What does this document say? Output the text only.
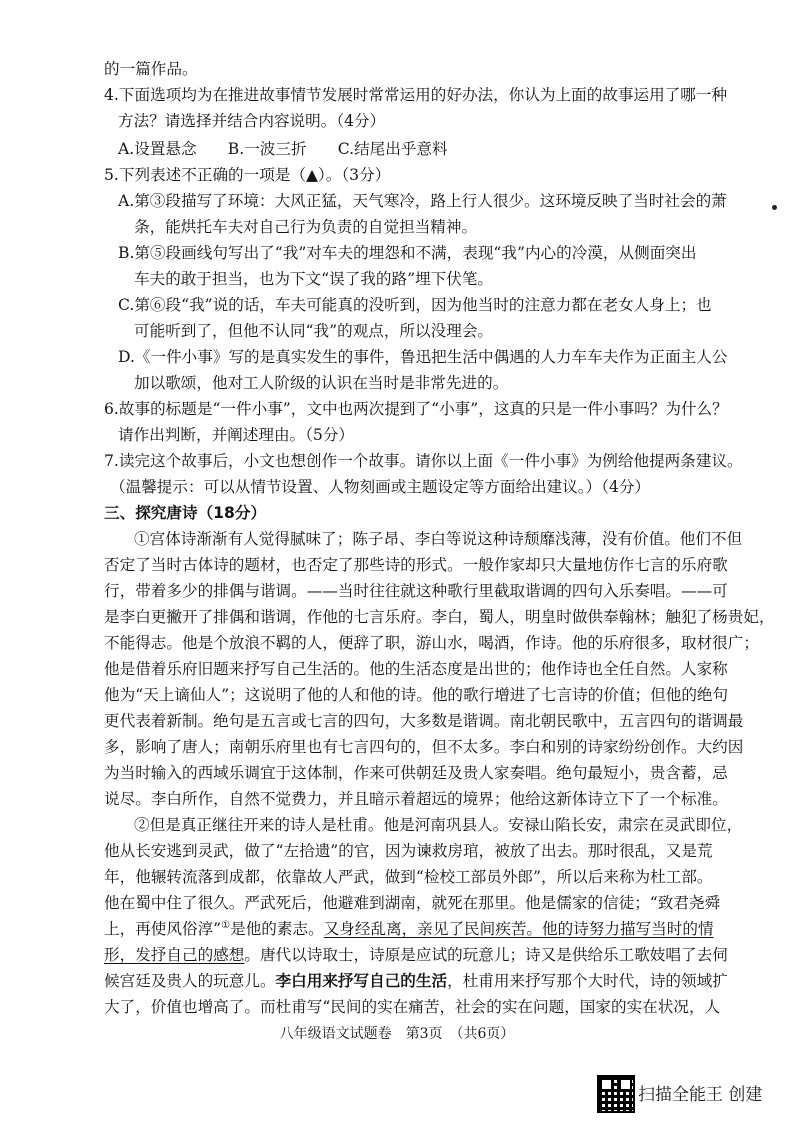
的一篇作品。
4.下面选项均为在推进故事情节发展时常常运用的好办法，你认为上面的故事运用了哪一种
方法？请选择并结合内容说明。（4分）
A.设置悬念　　B.一波三折　　C.结尾出乎意料
5.下列表述不正确的一项是（▲）。（3分）
A.第③段描写了环境：大风正猛，天气寒冷，路上行人很少。这环境反映了当时社会的萧
条，能烘托车夫对自己行为负责的自觉担当精神。
B.第⑤段画线句写出了“我”对车夫的埋怨和不满，表现“我”内心的冷漠，从侧面突出
车夫的敢于担当，也为下文“误了我的路”埋下伏笔。
C.第⑥段“我”说的话，车夫可能真的没听到，因为他当时的注意力都在老女人身上；也
可能听到了，但他不认同“我”的观点，所以没理会。
D.《一件小事》写的是真实发生的事件，鲁迅把生活中偶遇的人力车车夫作为正面主人公
加以歌颂，他对工人阶级的认识在当时是非常先进的。
6.故事的标题是“一件小事”，文中也两次提到了“小事”，这真的只是一件小事吗？为什么？
请作出判断，并阐述理由。（5分）
7.读完这个故事后，小文也想创作一个故事。请你以上面《一件小事》为例给他提两条建议。
（温馨提示：可以从情节设置、人物刻画或主题设定等方面给出建议。）（4分）
三、探究唐诗（18分）
①宫体诗渐渐有人觉得腻味了；陈子昂、李白等说这种诗颓靡浅薄，没有价值。他们不但
否定了当时古体诗的题材，也否定了那些诗的形式。一般作家却只大量地仿作七言的乐府歌
行，带着多少的排偶与谐调。——当时往往就这种歌行里截取谐调的四句入乐奏唱。——可
是李白更撇开了排偶和谐调，作他的七言乐府。李白，蜀人，明皇时做供奉翰林；触犯了杨贵妃，
不能得志。他是个放浪不羁的人，便辞了职，游山水，喝酒，作诗。他的乐府很多，取材很广；
他是借着乐府旧题来抒写自己生活的。他的生活态度是出世的；他作诗也全任自然。人家称
他为“天上谪仙人”；这说明了他的人和他的诗。他的歌行增进了七言诗的价值；但他的绝句
更代表着新制。绝句是五言或七言的四句，大多数是谐调。南北朝民歌中，五言四句的谐调最
多，影响了唐人；南朝乐府里也有七言四句的，但不太多。李白和别的诗家纷纷创作。大约因
为当时输入的西域乐调宜于这体制，作来可供朝廷及贵人家奏唱。绝句最短小，贵含蓄，忌
说尽。李白所作，自然不觉费力，并且暗示着超远的境界；他给这新体诗立下了一个标准。
②但是真正继往开来的诗人是杜甫。他是河南巩县人。安禄山陷长安，肃宗在灵武即位，
他从长安逃到灵武，做了“左拾遗”的官，因为谏救房琯，被放了出去。那时很乱，又是荒
年，他辗转流落到成都，依靠故人严武，做到“检校工部员外郎”，所以后来称为杜工部。
他在蜀中住了很久。严武死后，他避难到湖南，就死在那里。他是儒家的信徒；“致君尧舜
上，再使风俗淳”①是他的素志。又身经乱离，亲见了民间疾苦。他的诗努力描写当时的情
形，发抒自己的感想。唐代以诗取士，诗原是应试的玩意儿；诗又是供给乐工歌妓唱了去伺
候宫廷及贵人的玩意儿。李白用来抒写自己的生活，杜甫用来抒写那个大时代，诗的领域扩
大了，价值也增高了。而杜甫写“民间的实在痛苦，社会的实在问题，国家的实在状况，人
八年级语文试题卷　第3页　（共6页）
扫描全能王 创建
